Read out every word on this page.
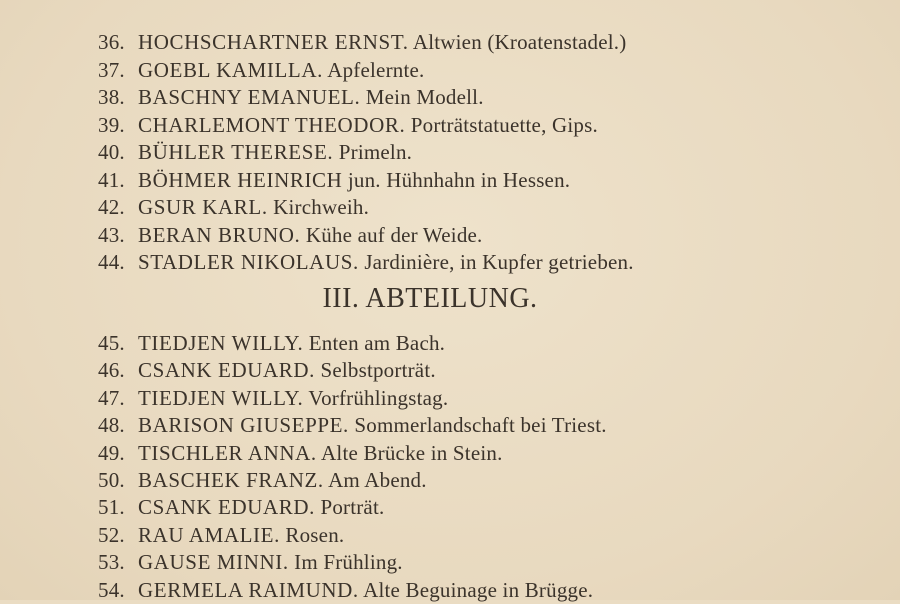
36. HOCHSCHARTNER ERNST. Altwien (Kroatenstadel.)
37. GOEBL KAMILLA. Apfelernte.
38. BASCHNY EMANUEL. Mein Modell.
39. CHARLEMONT THEODOR. Porträtstatuette, Gips.
40. BÜHLER THERESE. Primeln.
41. BÖHMER HEINRICH jun. Hühnhahn in Hessen.
42. GSUR KARL. Kirchweih.
43. BERAN BRUNO. Kühe auf der Weide.
44. STADLER NIKOLAUS. Jardinière, in Kupfer getrieben.
III. ABTEILUNG.
45. TIEDJEN WILLY. Enten am Bach.
46. CSANK EDUARD. Selbstporträt.
47. TIEDJEN WILLY. Vorfrühlingstag.
48. BARISON GIUSEPPE. Sommerlandschaft bei Triest.
49. TISCHLER ANNA. Alte Brücke in Stein.
50. BASCHEK FRANZ. Am Abend.
51. CSANK EDUARD. Porträt.
52. RAU AMALIE. Rosen.
53. GAUSE MINNI. Im Frühling.
54. GERMELA RAIMUND. Alte Beguinage in Brügge.
